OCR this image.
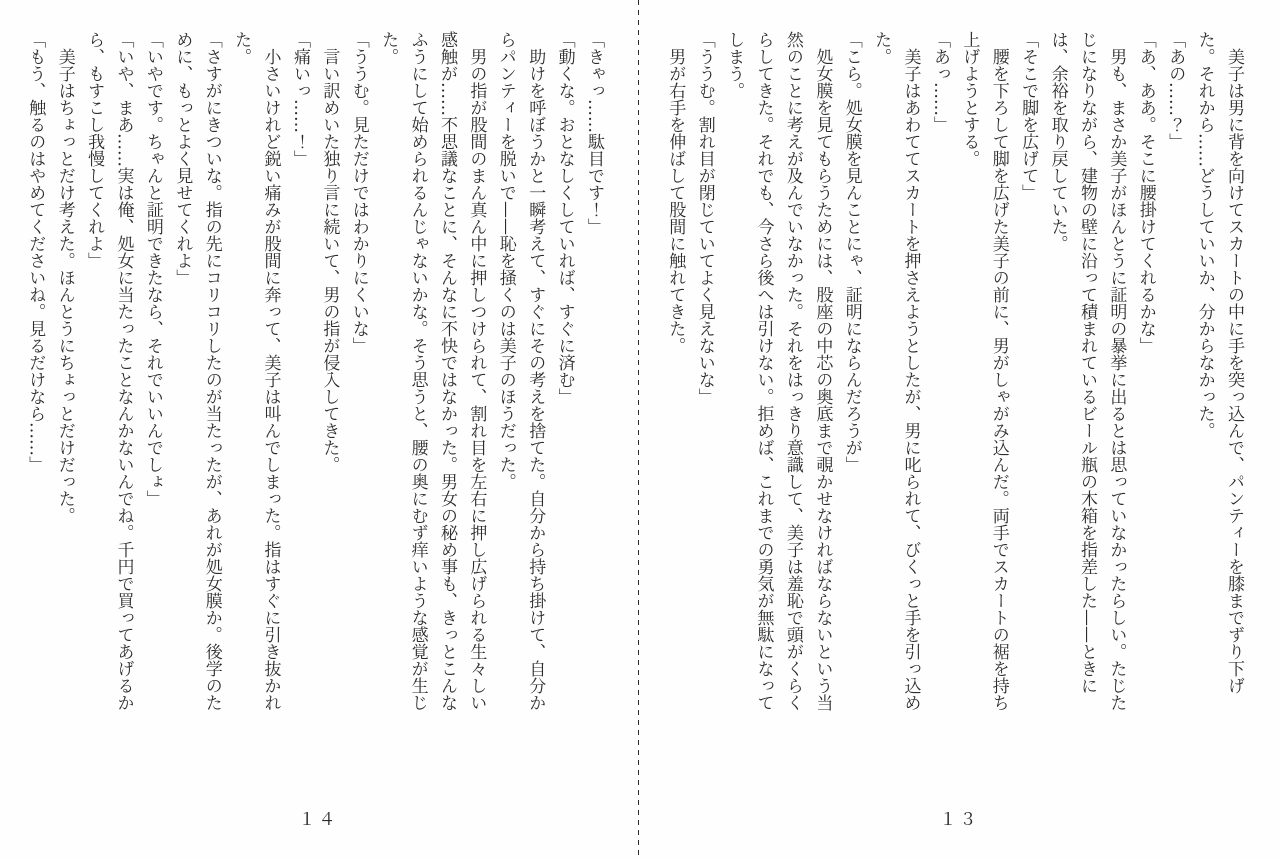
「きゃっ……駄目です！」

「動くな。おとなしくしていれば、すぐに済む」

助けを呼ぼうかと一瞬考えて、すぐにその考えを捨てた。自分から持ち掛けて、自分からパンティーを脱いで——恥を掻くのは美子のほうだった。

男の指が股間のまん真ん中に押しつけられて、割れ目を左右に押し広げられる生々しい感触が……不思議なことに、そんなに不快ではなかった。男女の秘め事も、きっとこんなふうにして始められるんじゃないかな。そう思うと、腰の奥にむず痒いような感覚が生じた。

「ううむ。見ただけではわかりにくいな」

言い訳めいた独り言に続いて、男の指が侵入してきた。

「痛いっ……！」

小さいけれど鋭い痛みが股間に奔って、美子は叫んでしまった。指はすぐに引き抜かれた。

「さすがにきついな。指の先にコリコリしたのが当たったが、あれが処女膜か。後学のために、もっとよく見せてくれよ」

「いやです。ちゃんと証明できたなら、それでいいんでしょ」

「いや、まあ……実は俺、処女に当たったことなんかないんでね。千円で買ってあげるから、もすこし我慢してくれよ」

美子はちょっとだけ考えた。ほんとうにちょっとだけだった。

「もう、触るのはやめてくださいね。見るだけなら……」

１４

美子は男に背を向けてスカートの中に手を突っ込んで、パンティーを膝までずり下げた。それから……どうしていいか、分からなかった。

「あの……？」

「あ、ああ。そこに腰掛けてくれるかな」

男も、まさか美子がほんとうに証明の暴挙に出るとは思っていなかったらしい。たじたじになりながら、建物の壁に沿って積まれているビール瓶の木箱を指差した——ときには、余裕を取り戻していた。

「そこで脚を広げて」

腰を下ろして脚を広げた美子の前に、男がしゃがみ込んだ。両手でスカートの裾を持ち上げようとする。

「あっ……」

美子はあわててスカートを押さえようとしたが、男に叱られて、びくっと手を引っ込めた。

「こら。処女膜を見んことにゃ、証明にならんだろうが」

処女膜を見てもらうためには、股座の中芯の奥底まで覗かせなければならないという当然のことに考えが及んでいなかった。それをはっきり意識して、美子は羞恥で頭がくらくらしてきた。それでも、今さら後へは引けない。拒めば、これまでの勇気が無駄になってしまう。

「ううむ。割れ目が閉じていてよく見えないな」

男が右手を伸ばして股間に触れてきた。

１３
